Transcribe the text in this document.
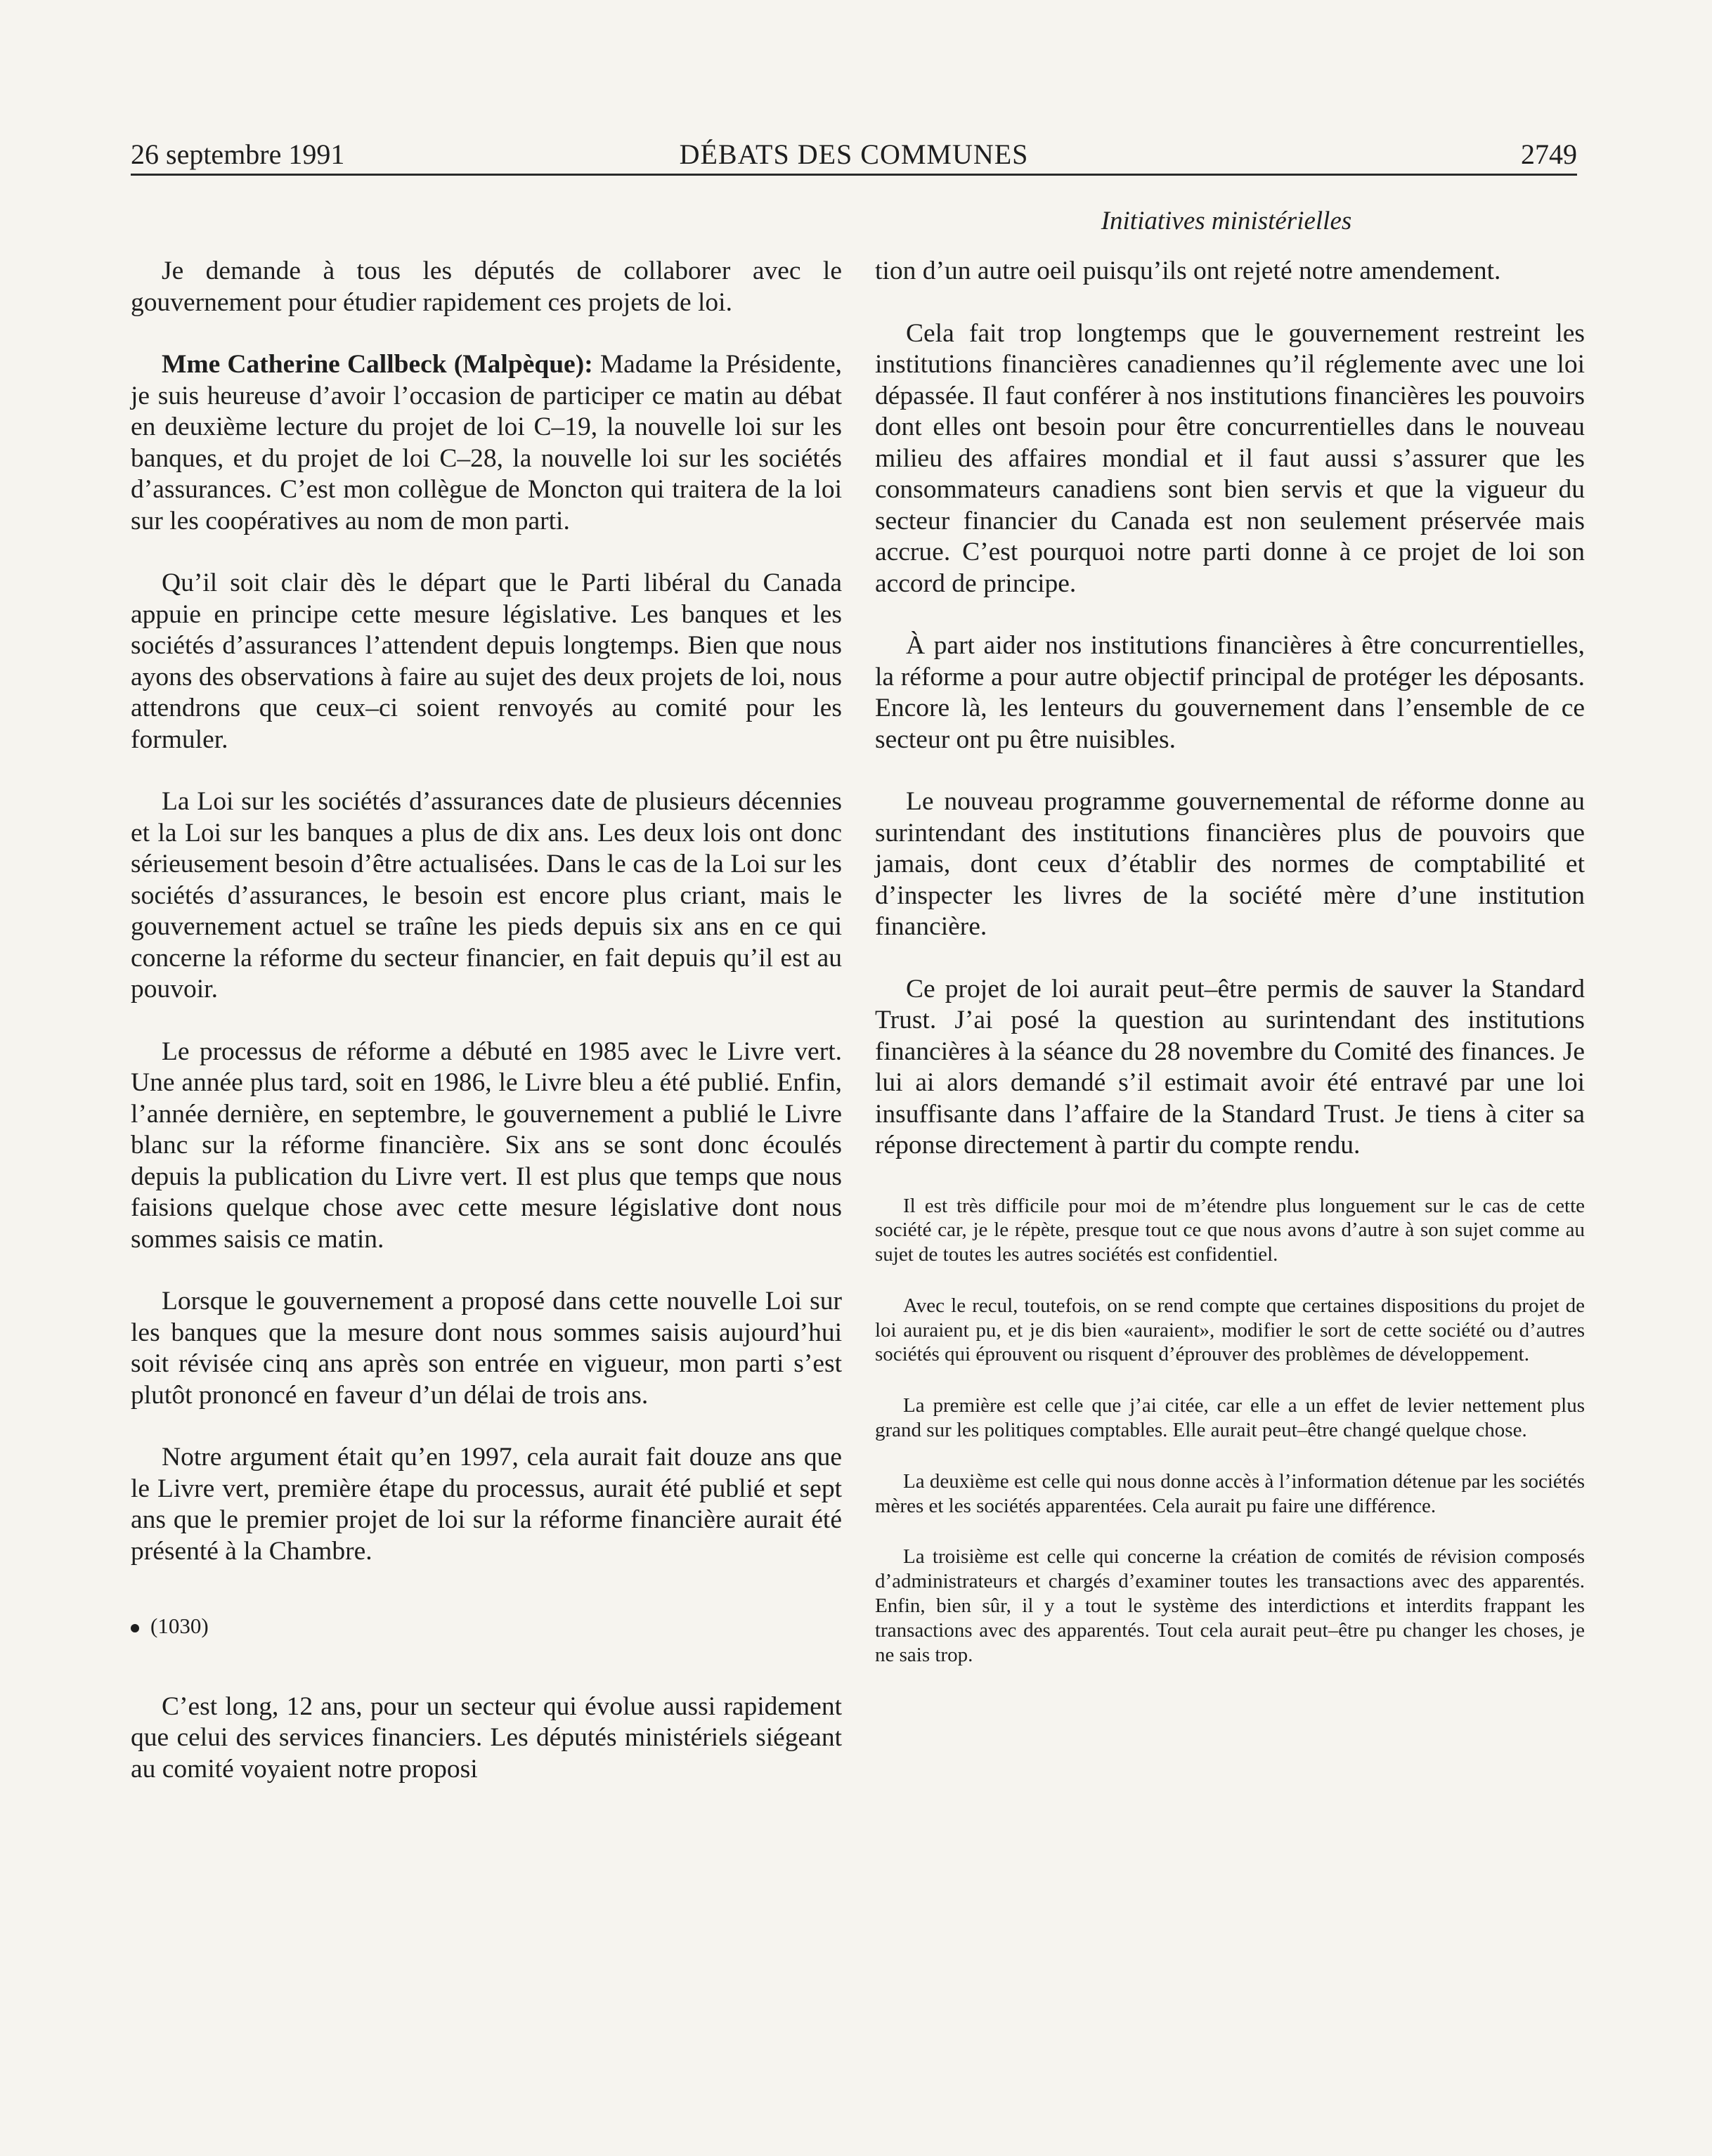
26 septembre 1991	DÉBATS DES COMMUNES	2749
Initiatives ministérielles

Je demande à tous les députés de collaborer avec le gouvernement pour étudier rapidement ces projets de loi.

Mme Catherine Callbeck (Malpèque): Madame la Présidente, je suis heureuse d’avoir l’occasion de participer ce matin au débat en deuxième lecture du projet de loi C–19, la nouvelle loi sur les banques, et du projet de loi C–28, la nouvelle loi sur les sociétés d’assurances. C’est mon collègue de Moncton qui traitera de la loi sur les coopératives au nom de mon parti.

Qu’il soit clair dès le départ que le Parti libéral du Canada appuie en principe cette mesure législative. Les banques et les sociétés d’assurances l’attendent depuis longtemps. Bien que nous ayons des observations à faire au sujet des deux projets de loi, nous attendrons que ceux–ci soient renvoyés au comité pour les formuler.

La Loi sur les sociétés d’assurances date de plusieurs décennies et la Loi sur les banques a plus de dix ans. Les deux lois ont donc sérieusement besoin d’être actualisées. Dans le cas de la Loi sur les sociétés d’assurances, le besoin est encore plus criant, mais le gouvernement actuel se traîne les pieds depuis six ans en ce qui concerne la réforme du secteur financier, en fait depuis qu’il est au pouvoir.

Le processus de réforme a débuté en 1985 avec le Livre vert. Une année plus tard, soit en 1986, le Livre bleu a été publié. Enfin, l’année dernière, en septembre, le gouvernement a publié le Livre blanc sur la réforme financière. Six ans se sont donc écoulés depuis la publication du Livre vert. Il est plus que temps que nous faisions quelque chose avec cette mesure législative dont nous sommes saisis ce matin.

Lorsque le gouvernement a proposé dans cette nouvelle Loi sur les banques que la mesure dont nous sommes saisis aujourd’hui soit révisée cinq ans après son entrée en vigueur, mon parti s’est plutôt prononcé en faveur d’un délai de trois ans.

Notre argument était qu’en 1997, cela aurait fait douze ans que le Livre vert, première étape du processus, aurait été publié et sept ans que le premier projet de loi sur la réforme financière aurait été présenté à la Chambre.

(1030)

C’est long, 12 ans, pour un secteur qui évolue aussi rapidement que celui des services financiers. Les députés ministériels siégeant au comité voyaient notre proposi

tion d’un autre oeil puisqu’ils ont rejeté notre amendement.

Cela fait trop longtemps que le gouvernement restreint les institutions financières canadiennes qu’il réglemente avec une loi dépassée. Il faut conférer à nos institutions financières les pouvoirs dont elles ont besoin pour être concurrentielles dans le nouveau milieu des affaires mondial et il faut aussi s’assurer que les consommateurs canadiens sont bien servis et que la vigueur du secteur financier du Canada est non seulement préservée mais accrue. C’est pourquoi notre parti donne à ce projet de loi son accord de principe.

À part aider nos institutions financières à être concurrentielles, la réforme a pour autre objectif principal de protéger les déposants. Encore là, les lenteurs du gouvernement dans l’ensemble de ce secteur ont pu être nuisibles.

Le nouveau programme gouvernemental de réforme donne au surintendant des institutions financières plus de pouvoirs que jamais, dont ceux d’établir des normes de comptabilité et d’inspecter les livres de la société mère d’une institution financière.

Ce projet de loi aurait peut–être permis de sauver la Standard Trust. J’ai posé la question au surintendant des institutions financières à la séance du 28 novembre du Comité des finances. Je lui ai alors demandé s’il estimait avoir été entravé par une loi insuffisante dans l’affaire de la Standard Trust. Je tiens à citer sa réponse directement à partir du compte rendu.

Il est très difficile pour moi de m’étendre plus longuement sur le cas de cette société car, je le répète, presque tout ce que nous avons d’autre à son sujet comme au sujet de toutes les autres sociétés est confidentiel.

Avec le recul, toutefois, on se rend compte que certaines dispositions du projet de loi auraient pu, et je dis bien «auraient», modifier le sort de cette société ou d’autres sociétés qui éprouvent ou risquent d’éprouver des problèmes de développement.

La première est celle que j’ai citée, car elle a un effet de levier nettement plus grand sur les politiques comptables. Elle aurait peut–être changé quelque chose.

La deuxième est celle qui nous donne accès à l’information détenue par les sociétés mères et les sociétés apparentées. Cela aurait pu faire une différence.

La troisième est celle qui concerne la création de comités de révision composés d’administrateurs et chargés d’examiner toutes les transactions avec des apparentés. Enfin, bien sûr, il y a tout le système des interdictions et interdits frappant les transactions avec des apparentés. Tout cela aurait peut–être pu changer les choses, je ne sais trop.
